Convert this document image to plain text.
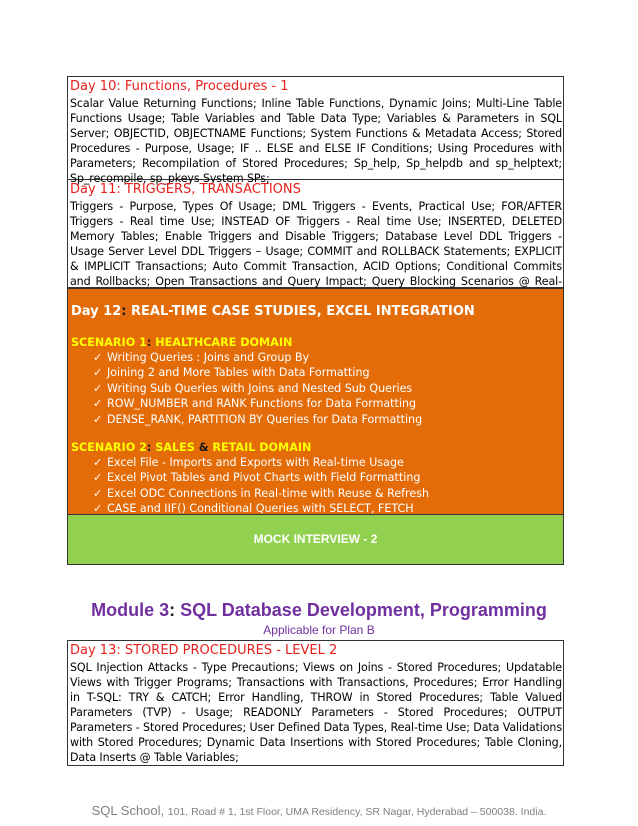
Day 10: Functions, Procedures - 1
Scalar Value Returning Functions; Inline Table Functions, Dynamic Joins; Multi-Line Table Functions Usage; Table Variables and Table Data Type; Variables & Parameters in SQL Server; OBJECTID, OBJECTNAME Functions; System Functions & Metadata Access; Stored Procedures - Purpose, Usage; IF .. ELSE and ELSE IF Conditions; Using Procedures with Parameters; Recompilation of Stored Procedures; Sp_help, Sp_helpdb and sp_helptext; Sp_recompile, sp_pkeys System SPs;
Day 11: TRIGGERS, TRANSACTIONS
Triggers - Purpose, Types Of Usage; DML Triggers - Events, Practical Use; FOR/AFTER Triggers - Real time Use; INSTEAD OF Triggers - Real time Use; INSERTED, DELETED Memory Tables; Enable Triggers and Disable Triggers; Database Level DDL Triggers - Usage Server Level DDL Triggers – Usage; COMMIT and ROLLBACK Statements; EXPLICIT & IMPLICIT Transactions; Auto Commit Transaction, ACID Options; Conditional Commits and Rollbacks; Open Transactions and Query Impact; Query Blocking Scenarios @ Real-
Day 12: REAL-TIME CASE STUDIES, EXCEL INTEGRATION
SCENARIO 1: HEALTHCARE DOMAIN
✓ Writing Queries : Joins and Group By
✓ Joining 2 and More Tables with Data Formatting
✓ Writing Sub Queries with Joins and Nested Sub Queries
✓ ROW_NUMBER and RANK Functions for Data Formatting
✓ DENSE_RANK, PARTITION BY Queries for Data Formatting
SCENARIO 2: SALES & RETAIL DOMAIN
✓ Excel File - Imports and Exports with Real-time Usage
✓ Excel Pivot Tables and Pivot Charts with Field Formatting
✓ Excel ODC Connections in Real-time with Reuse & Refresh
✓ CASE and IIF() Conditional Queries with SELECT, FETCH
MOCK INTERVIEW - 2
Module 3: SQL Database Development, Programming
Applicable for Plan B
Day 13: STORED PROCEDURES - LEVEL 2
SQL Injection Attacks - Type Precautions; Views on Joins - Stored Procedures; Updatable Views with Trigger Programs; Transactions with Transactions, Procedures; Error Handling in T-SQL: TRY & CATCH; Error Handling, THROW in Stored Procedures; Table Valued Parameters (TVP) - Usage; READONLY Parameters - Stored Procedures; OUTPUT Parameters - Stored Procedures; User Defined Data Types, Real-time Use; Data Validations with Stored Procedures; Dynamic Data Insertions with Stored Procedures; Table Cloning, Data Inserts @ Table Variables;
SQL School, 101, Road # 1, 1st Floor, UMA Residency, SR Nagar, Hyderabad – 500038. India.
